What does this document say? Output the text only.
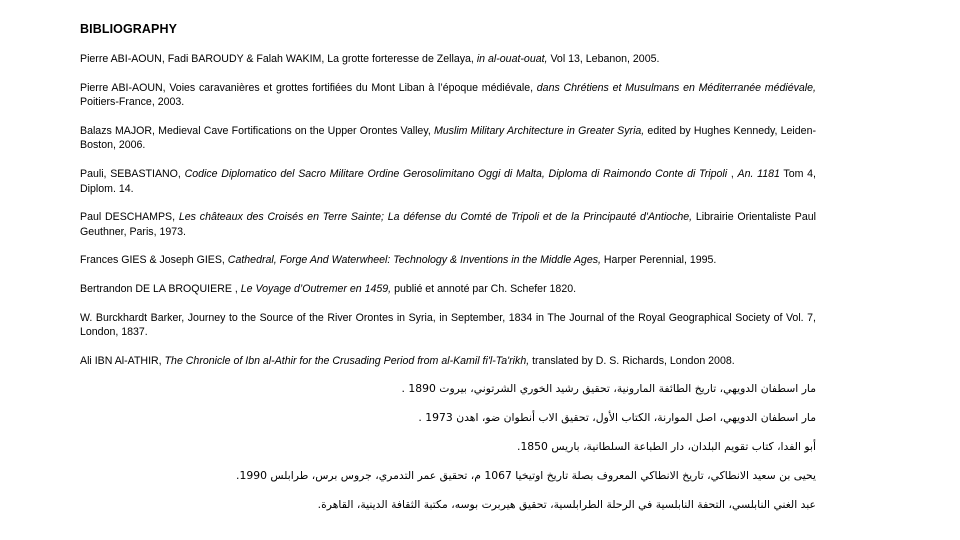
BIBLIOGRAPHY
Pierre ABI-AOUN, Fadi BAROUDY & Falah WAKIM, La grotte forteresse de Zellaya, in al-ouat-ouat, Vol 13, Lebanon, 2005.
Pierre ABI-AOUN, Voies caravanières et grottes fortifiées du Mont Liban à l’époque médiévale, dans Chrétiens et Musulmans en Méditerranée médiévale, Poitiers-France, 2003.
Balazs MAJOR, Medieval Cave Fortifications on the Upper Orontes Valley, Muslim Military Architecture in Greater Syria, edited by Hughes Kennedy, Leiden-Boston, 2006.
Pauli, SEBASTIANO, Codice Diplomatico del Sacro Militare Ordine Gerosolimitano Oggi di Malta, Diploma di Raimondo Conte di Tripoli , An. 1181 Tom 4, Diplom. 14.
Paul DESCHAMPS, Les châteaux des Croisés en Terre Sainte; La défense du Comté de Tripoli et de la Principauté d'Antioche, Librairie Orientaliste Paul Geuthner, Paris, 1973.
Frances GIES & Joseph GIES, Cathedral, Forge And Waterwheel: Technology & Inventions in the Middle Ages, Harper Perennial, 1995.
Bertrandon DE LA BROQUIERE , Le Voyage d’Outremer en 1459, publié et annoté par Ch. Schefer 1820.
W. Burckhardt Barker, Journey to the Source of the River Orontes in Syria, in September, 1834 in The Journal of the Royal Geographical Society of Vol. 7, London, 1837.
Ali IBN Al-ATHIR, The Chronicle of Ibn al-Athir for the Crusading Period from al-Kamil fi'l-Ta'rikh, translated by D. S. Richards, London 2008.
مار اسطفان الدويهي، تاريخ الطائفة المارونية، تحقيق رشيد الخوري الشرتوني، بيروت 1890 .
مار اسطفان الدويهي، اصل الموارنة، الكتاب الأول، تحقيق الاب أنطوان ضو، اهدن 1973 .
أبو الفدا، كتاب تقويم البلدان، دار الطباعة السلطانية، باريس 1850.
يحيى بن سعيد الانطاكي، تاريخ الانطاكي المعروف بصلة تاريخ اوتيخيا 1067 م، تحقيق عمر التدمري، جروس برس، طرابلس 1990.
عبد الغني النابلسي، التحفة النابلسية في الرحلة الطرابلسية، تحقيق هيربرت بوسه، مكتبة الثقافة الدينية، القاهرة.
